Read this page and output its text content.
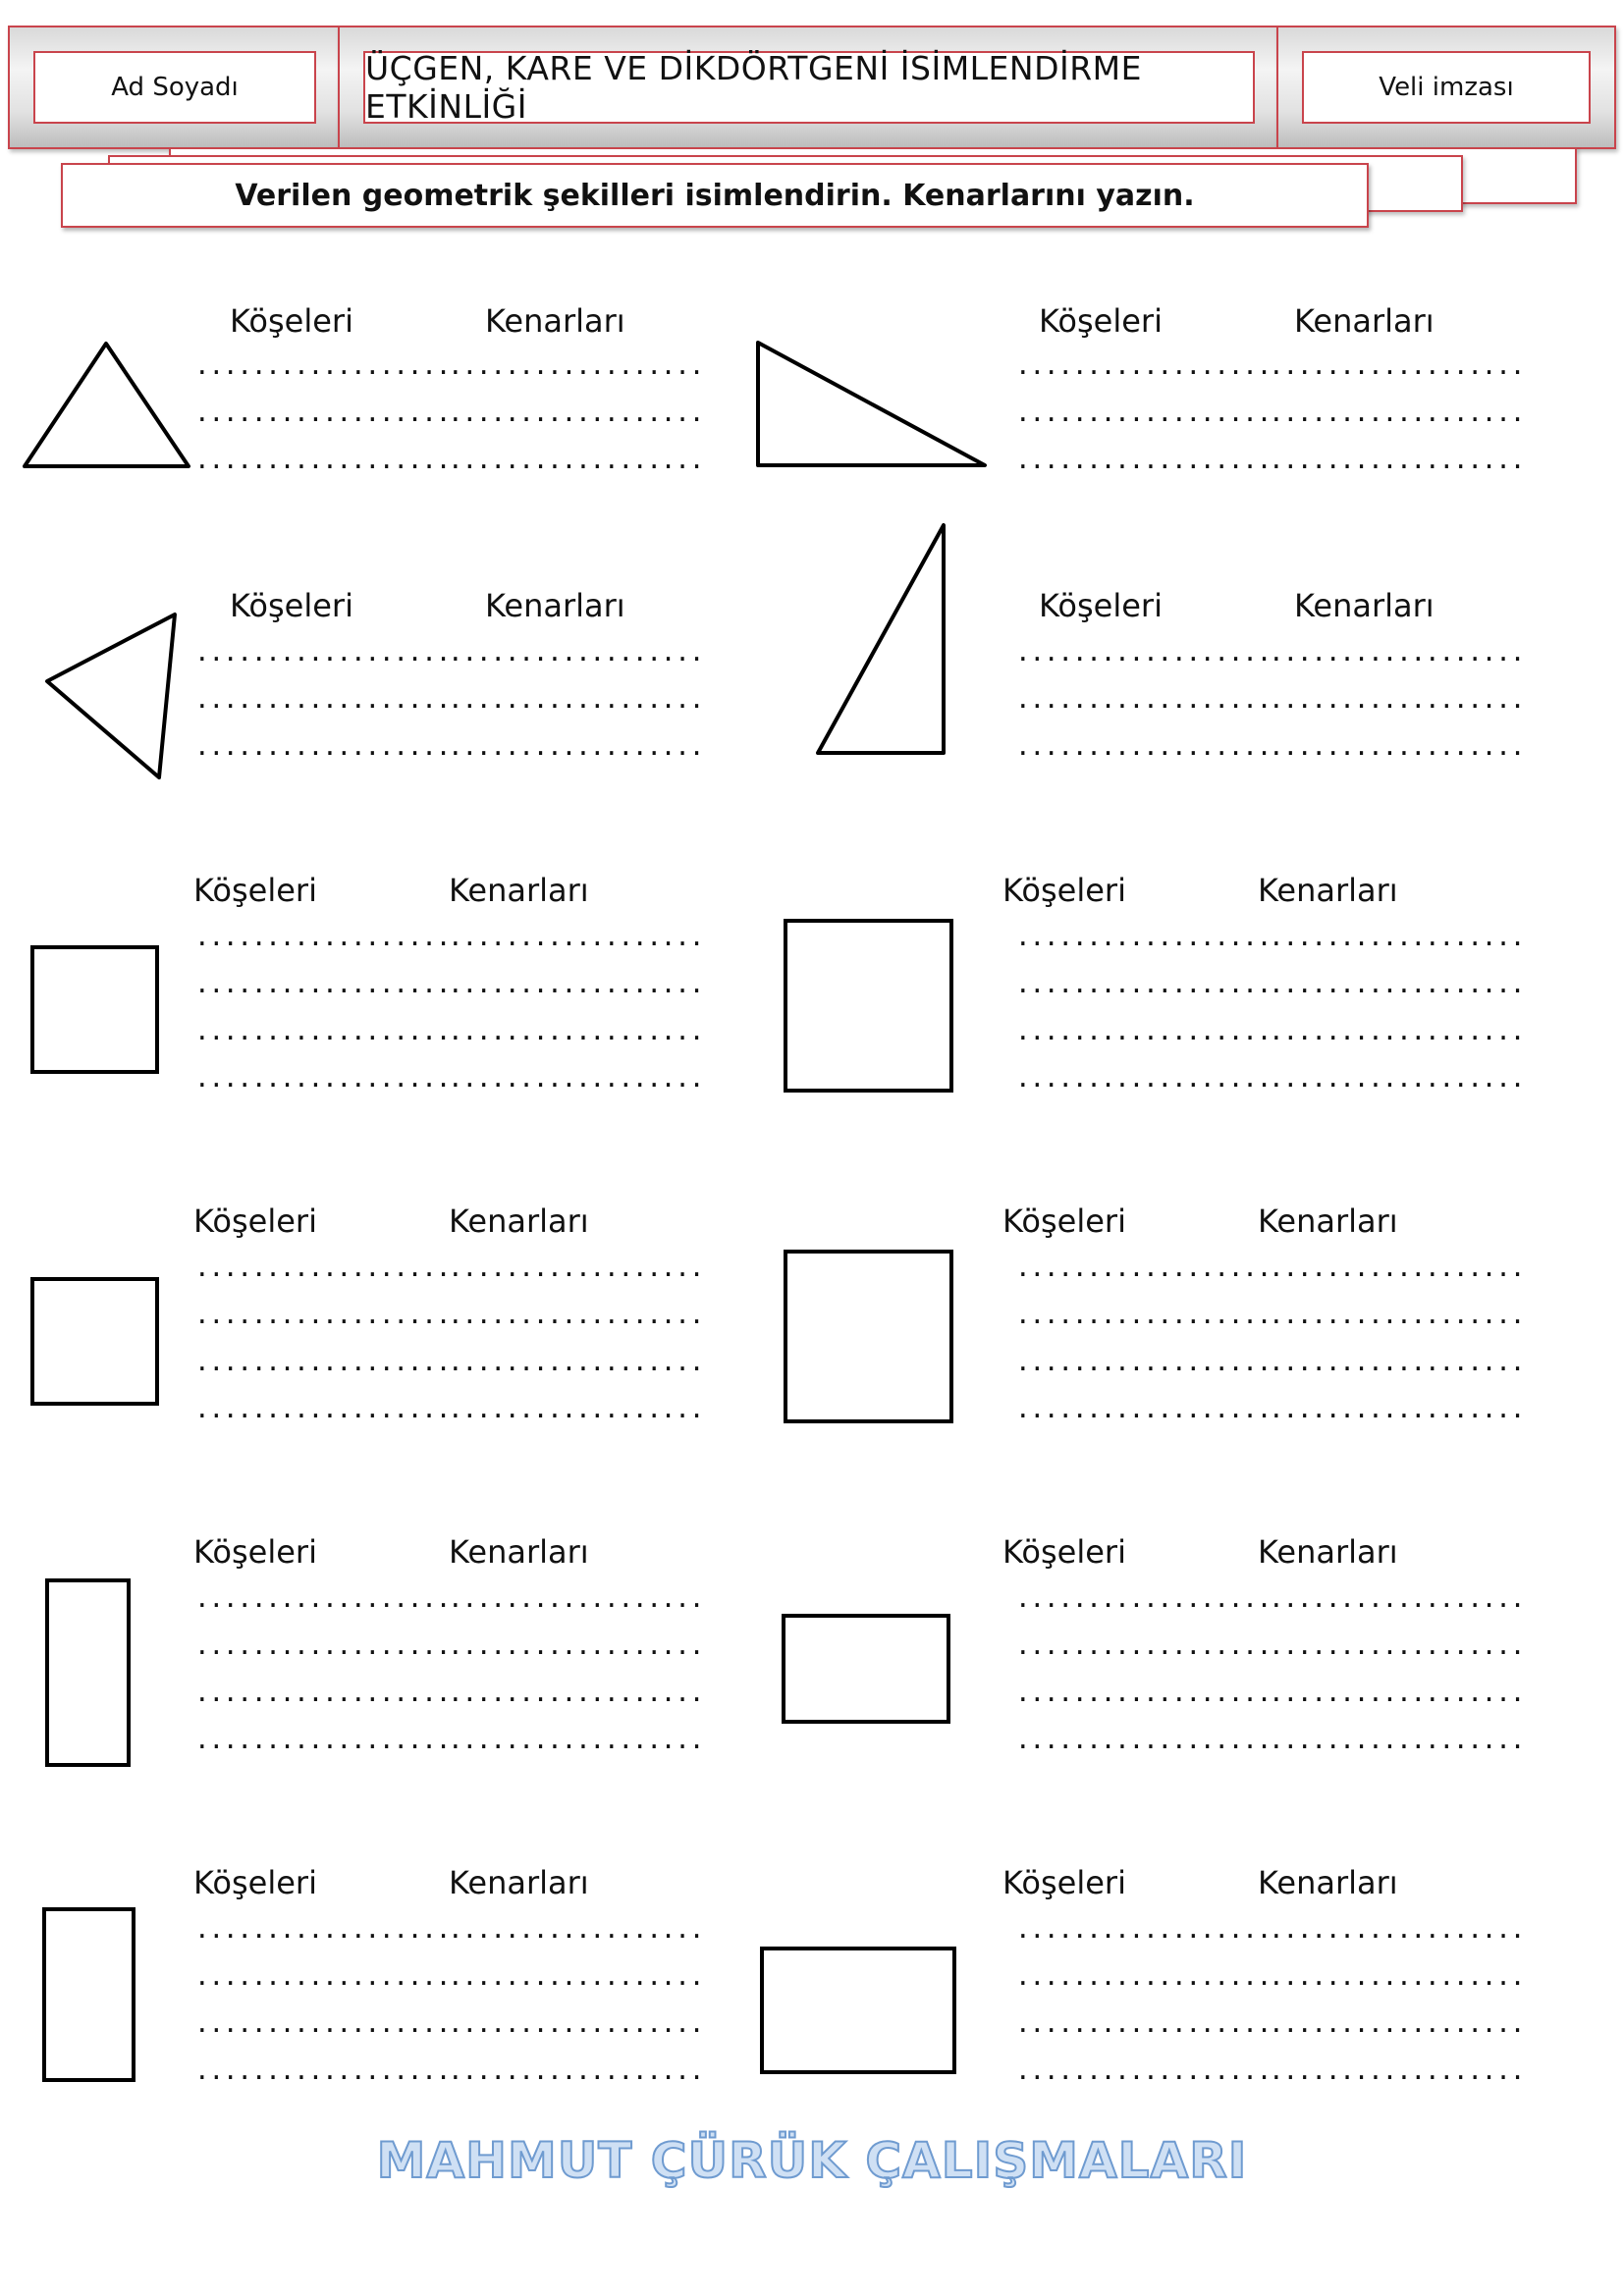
Ad Soyadı	ÜÇGEN, KARE VE DİKDÖRTGENİ İSİMLENDİRME ETKİNLİĞİ	Veli imzası
Verilen geometrik şekilleri isimlendirin. Kenarlarını yazın.
Köşeleri	Kenarları	Köşeleri	Kenarları
..................
..................
..................
..................
..................
..................
..................
..................
..................
..................
..................
..................
Köşeleri	Kenarları	Köşeleri	Kenarları
..................
..................
..................
..................
..................
..................
..................
..................
..................
..................
..................
..................
Köşeleri	Kenarları	Köşeleri	Kenarları
..................
..................
..................
..................
..................
..................
..................
..................
..................
..................
..................
..................
..................
..................
..................
..................
Köşeleri	Kenarları	Köşeleri	Kenarları
..................
..................
..................
..................
..................
..................
..................
..................
..................
..................
..................
..................
..................
..................
..................
..................
Köşeleri	Kenarları	Köşeleri	Kenarları
..................
..................
..................
..................
..................
..................
..................
..................
..................
..................
..................
..................
..................
..................
..................
..................
Köşeleri	Kenarları	Köşeleri	Kenarları
..................
..................
..................
..................
..................
..................
..................
..................
..................
..................
..................
..................
..................
..................
..................
..................
MAHMUT ÇÜRÜK ÇALIŞMALARI
